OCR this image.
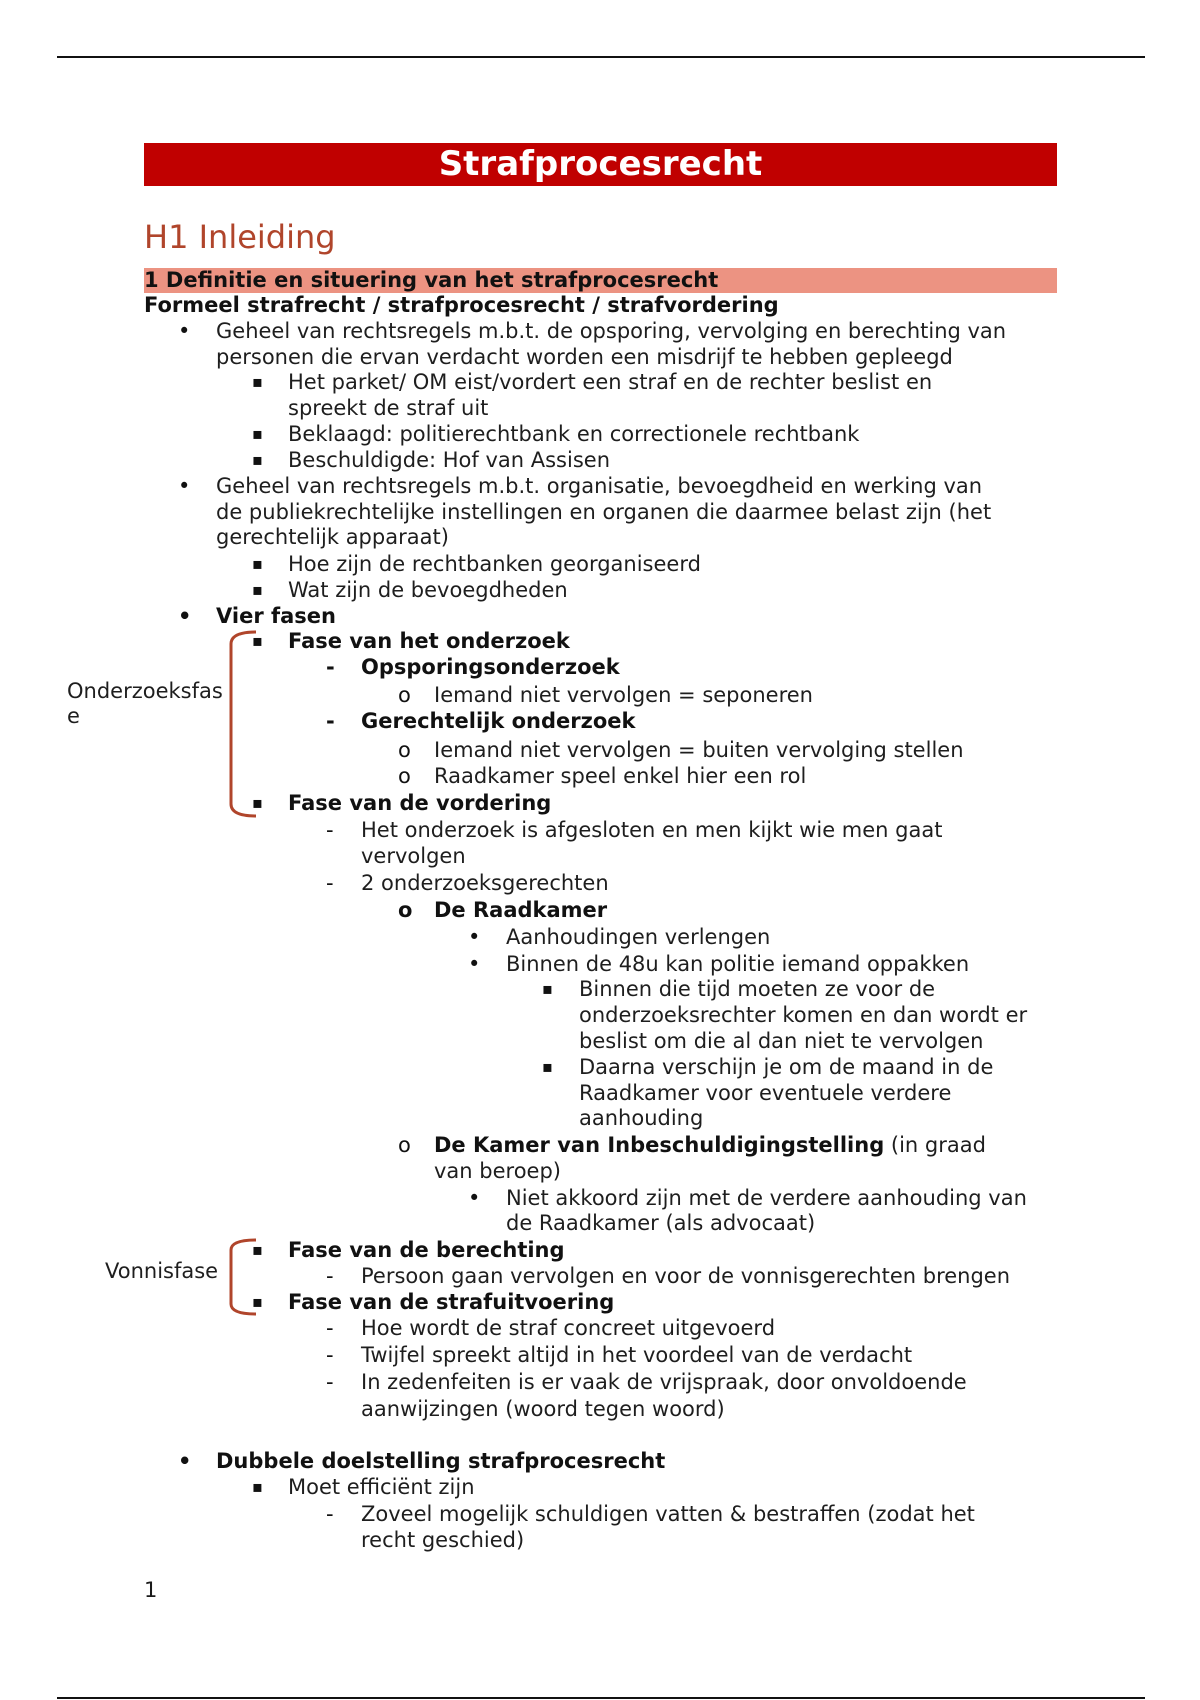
Strafprocesrecht
H1 Inleiding
1 Definitie en situering van het strafprocesrecht
Formeel strafrecht / strafprocesrecht / strafvordering
• Geheel van rechtsregels m.b.t. de opsporing, vervolging en berechting van
personen die ervan verdacht worden een misdrijf te hebben gepleegd
▪ Het parket/ OM eist/vordert een straf en de rechter beslist en
spreekt de straf uit
▪ Beklaagd: politierechtbank en correctionele rechtbank
▪ Beschuldigde: Hof van Assisen
• Geheel van rechtsregels m.b.t. organisatie, bevoegdheid en werking van
de publiekrechtelijke instellingen en organen die daarmee belast zijn (het
gerechtelijk apparaat)
▪ Hoe zijn de rechtbanken georganiseerd
▪ Wat zijn de bevoegdheden
• Vier fasen
Onderzoeksfas
e
▪ Fase van het onderzoek
- Opsporingsonderzoek
o Iemand niet vervolgen = seponeren
- Gerechtelijk onderzoek
o Iemand niet vervolgen = buiten vervolging stellen
o Raadkamer speel enkel hier een rol
▪ Fase van de vordering
- Het onderzoek is afgesloten en men kijkt wie men gaat
vervolgen
- 2 onderzoeksgerechten
o De Raadkamer
• Aanhoudingen verlengen
• Binnen de 48u kan politie iemand oppakken
▪ Binnen die tijd moeten ze voor de
onderzoeksrechter komen en dan wordt er
beslist om die al dan niet te vervolgen
▪ Daarna verschijn je om de maand in de
Raadkamer voor eventuele verdere
aanhouding
o De Kamer van Inbeschuldigingstelling (in graad
van beroep)
• Niet akkoord zijn met de verdere aanhouding van
de Raadkamer (als advocaat)
Vonnisfase
▪ Fase van de berechting
- Persoon gaan vervolgen en voor de vonnisgerechten brengen
▪ Fase van de strafuitvoering
- Hoe wordt de straf concreet uitgevoerd
- Twijfel spreekt altijd in het voordeel van de verdacht
- In zedenfeiten is er vaak de vrijspraak, door onvoldoende
aanwijzingen (woord tegen woord)
• Dubbele doelstelling strafprocesrecht
▪ Moet efficiënt zijn
- Zoveel mogelijk schuldigen vatten & bestraffen (zodat het
recht geschied)
1
